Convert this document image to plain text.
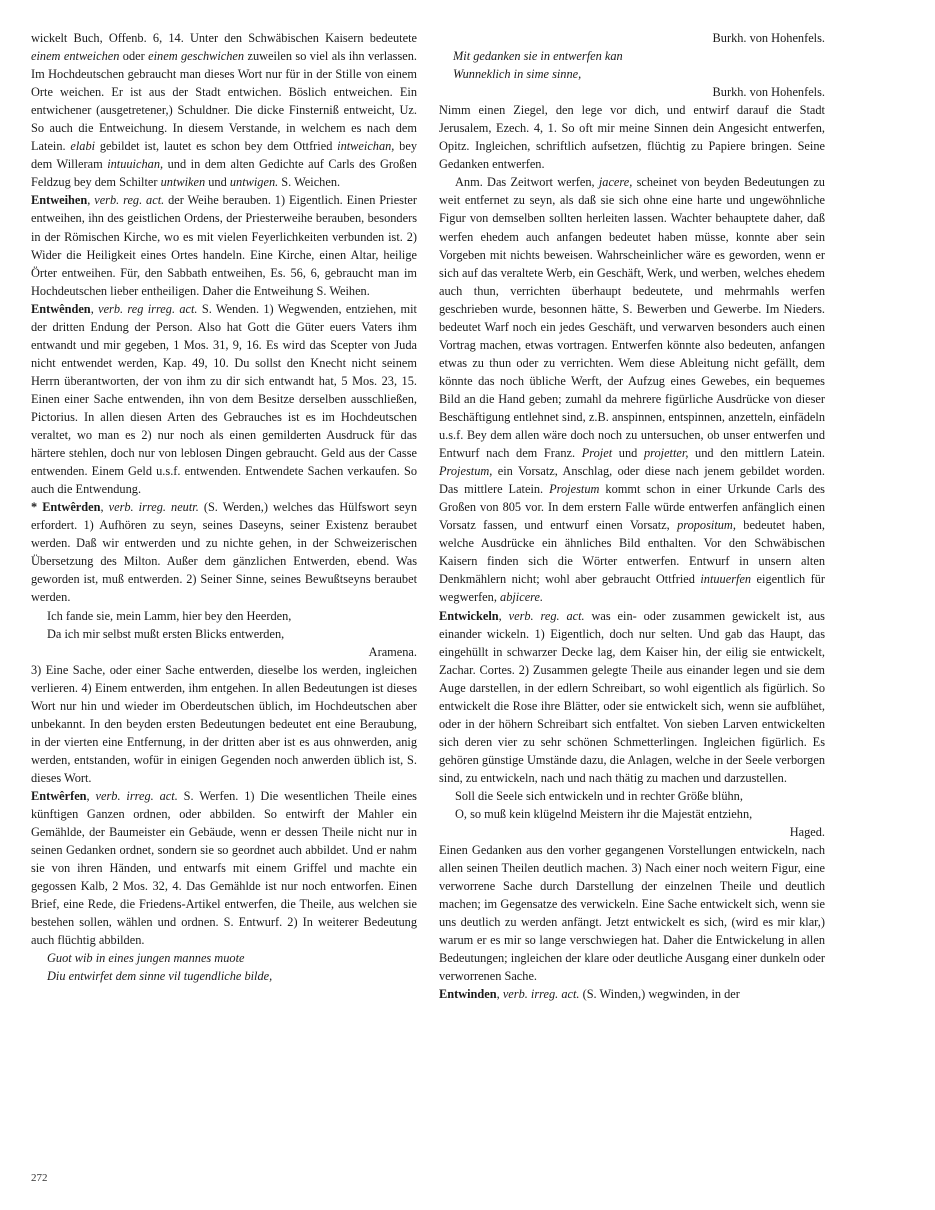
wickelt Buch, Offenb. 6, 14. Unter den Schwäbischen Kaisern bedeutete einem entweichen oder einem geschwichen zuweilen so viel als ihn verlassen. Im Hochdeutschen gebraucht man dieses Wort nur für in der Stille von einem Orte weichen. Er ist aus der Stadt entwichen. Böslich entweichen. Ein entwichener (ausgetretener,) Schuldner. Die dicke Finsterniß entweicht, Uz. So auch die Entweichung. In diesem Verstande, in welchem es nach dem Latein. elabi gebildet ist, lautet es schon bey dem Ottfried intweichan, bey dem Willeram intuuichan, und in dem alten Gedichte auf Carls des Großen Feldzug bey dem Schilter untwiken und untwigen. S. Weichen.

Entweihen, verb. reg. act. der Weihe berauben. 1) Eigentlich. Einen Priester entweihen, ihn des geistlichen Ordens, der Priesterweihe berauben, besonders in der Römischen Kirche, wo es mit vielen Feyerlichkeiten verbunden ist. 2) Wider die Heiligkeit eines Ortes handeln. Eine Kirche, einen Altar, heilige Örter entweihen. Für, den Sabbath entweihen, Es. 56, 6, gebraucht man im Hochdeutschen lieber entheiligen. Daher die Entweihung S. Weihen.

Entwênden, verb. reg irreg. act. S. Wenden. 1) Wegwenden, entziehen, mit der dritten Endung der Person. Also hat Gott die Güter euers Vaters ihm entwandt und mir gegeben, 1 Mos. 31, 9, 16. Es wird das Scepter von Juda nicht entwendet werden, Kap. 49, 10. Du sollst den Knecht nicht seinem Herrn überantworten, der von ihm zu dir sich entwandt hat, 5 Mos. 23, 15. Einen einer Sache entwenden, ihn von dem Besitze derselben ausschließen, Pictorius. In allen diesen Arten des Gebrauches ist es im Hochdeutschen veraltet, wo man es 2) nur noch als einen gemilderten Ausdruck für das härtere stehlen, doch nur von leblosen Dingen gebraucht. Geld aus der Casse entwenden. Einem Geld u.s.f. entwenden. Entwendete Sachen verkaufen. So auch die Entwendung.

* Entwêrden, verb. irreg. neutr. (S. Werden,) welches das Hülfswort seyn erfordert. 1) Aufhören zu seyn, seines Daseyns, seiner Existenz beraubet werden. Daß wir entwerden und zu nichte gehen, in der Schweizerischen Übersetzung des Milton. Außer dem gänzlichen Entwerden, ebend. Was geworden ist, muß entwerden. 2) Seiner Sinne, seines Bewußtseyns beraubet werden.

Ich fande sie, mein Lamm, hier bey den Heerden,

Da ich mir selbst mußt ersten Blicks entwerden,

Aramena.

3) Eine Sache, oder einer Sache entwerden, dieselbe los werden, ingleichen verlieren. 4) Einem entwerden, ihm entgehen. In allen Bedeutungen ist dieses Wort nur hin und wieder im Oberdeutschen üblich, im Hochdeutschen aber unbekannt. In den beyden ersten Bedeutungen bedeutet ent eine Beraubung, in der vierten eine Entfernung, in der dritten aber ist es aus ohnwerden, anig werden, entstanden, wofür in einigen Gegenden noch anwerden üblich ist, S. dieses Wort.

Entwêrfen, verb. irreg. act. S. Werfen. 1) Die wesentlichen Theile eines künftigen Ganzen ordnen, oder abbilden. So entwirft der Mahler ein Gemählde, der Baumeister ein Gebäude, wenn er dessen Theile nicht nur in seinen Gedanken ordnet, sondern sie so geordnet auch abbildet. Und er nahm sie von ihren Händen, und entwarfs mit einem Griffel und machte ein gegossen Kalb, 2 Mos. 32, 4. Das Gemählde ist nur noch entworfen. Einen Brief, eine Rede, die Friedens-Artikel entwerfen, die Theile, aus welchen sie bestehen sollen, wählen und ordnen. S. Entwurf. 2) In weiterer Bedeutung auch flüchtig abbilden.

Guot wib in eines jungen mannes muote

Diu entwirfet dem sinne vil tugendliche bilde,

Burkh. von Hohenfels.

Mit gedanken sie in entwerfen kan

Wunneklich in sime sinne,

Burkh. von Hohenfels.

Nimm einen Ziegel, den lege vor dich, und entwirf darauf die Stadt Jerusalem, Ezech. 4, 1. So oft mir meine Sinnen dein Angesicht entwerfen, Opitz. Ingleichen, schriftlich aufsetzen, flüchtig zu Papiere bringen. Seine Gedanken entwerfen.

Anm. Das Zeitwort werfen, jacere, scheinet von beyden Bedeutungen zu weit entfernet zu seyn, als daß sie sich ohne eine harte und ungewöhnliche Figur von demselben sollten herleiten lassen. Wachter behauptete daher, daß werfen ehedem auch anfangen bedeutet haben müsse, konnte aber sein Vorgeben mit nichts beweisen. Wahrscheinlicher wäre es geworden, wenn er sich auf das veraltete Werb, ein Geschäft, Werk, und werben, welches ehedem auch thun, verrichten überhaupt bedeutete, und mehrmahls werfen geschrieben wurde, besonnen hätte, S. Bewerben und Gewerbe. Im Nieders. bedeutet Warf noch ein jedes Geschäft, und verwarven besonders auch einen Vortrag machen, etwas vortragen. Entwerfen könnte also bedeuten, anfangen etwas zu thun oder zu verrichten. Wem diese Ableitung nicht gefällt, dem könnte das noch übliche Werft, der Aufzug eines Gewebes, ein bequemes Bild an die Hand geben; zumahl da mehrere figürliche Ausdrücke von dieser Beschäftigung entlehnet sind, z.B. anspinnen, entspinnen, anzetteln, einfädeln u.s.f. Bey dem allen wäre doch noch zu untersuchen, ob unser entwerfen und Entwurf nach dem Franz. Projet und projetter, und den mittlern Latein. Projestum, ein Vorsatz, Anschlag, oder diese nach jenem gebildet worden. Das mittlere Latein. Projestum kommt schon in einer Urkunde Carls des Großen von 805 vor. In dem erstern Falle würde entwerfen anfänglich einen Vorsatz fassen, und entwurf einen Vorsatz, propositum, bedeutet haben, welche Ausdrücke ein ähnliches Bild enthalten. Vor den Schwäbischen Kaisern finden sich die Wörter entwerfen. Entwurf in unsern alten Denkmählern nicht; wohl aber gebraucht Ottfried intuuerfen eigentlich für wegwerfen, abjicere.

Entwickeln, verb. reg. act. was ein- oder zusammen gewickelt ist, aus einander wickeln. 1) Eigentlich, doch nur selten. Und gab das Haupt, das eingehüllt in schwarzer Decke lag, dem Kaiser hin, der eilig sie entwickelt, Zachar. Cortes. 2) Zusammen gelegte Theile aus einander legen und sie dem Auge darstellen, in der edlern Schreibart, so wohl eigentlich als figürlich. So entwickelt die Rose ihre Blätter, oder sie entwickelt sich, wenn sie aufblühet, oder in der höhern Schreibart sich entfaltet. Von sieben Larven entwickelten sich deren vier zu sehr schönen Schmetterlingen. Ingleichen figürlich. Es gehören günstige Umstände dazu, die Anlagen, welche in der Seele verborgen sind, zu entwickeln, nach und nach thätig zu machen und darzustellen.

Soll die Seele sich entwickeln und in rechter Größe blühn,

O, so muß kein klügelnd Meistern ihr die Majestät entziehn,

Haged.

Einen Gedanken aus den vorher gegangenen Vorstellungen entwickeln, nach allen seinen Theilen deutlich machen. 3) Nach einer noch weitern Figur, eine verworrene Sache durch Darstellung der einzelnen Theile und deutlich machen; im Gegensatze des verwickeln. Eine Sache entwickelt sich, wenn sie uns deutlich zu werden anfängt. Jetzt entwickelt es sich, (wird es mir klar,) warum er es mir so lange verschwiegen hat. Daher die Entwickelung in allen Bedeutungen; ingleichen der klare oder deutliche Ausgang einer dunkeln oder verworrenen Sache.

Entwinden, verb. irreg. act. (S. Winden,) wegwinden, in der

272
